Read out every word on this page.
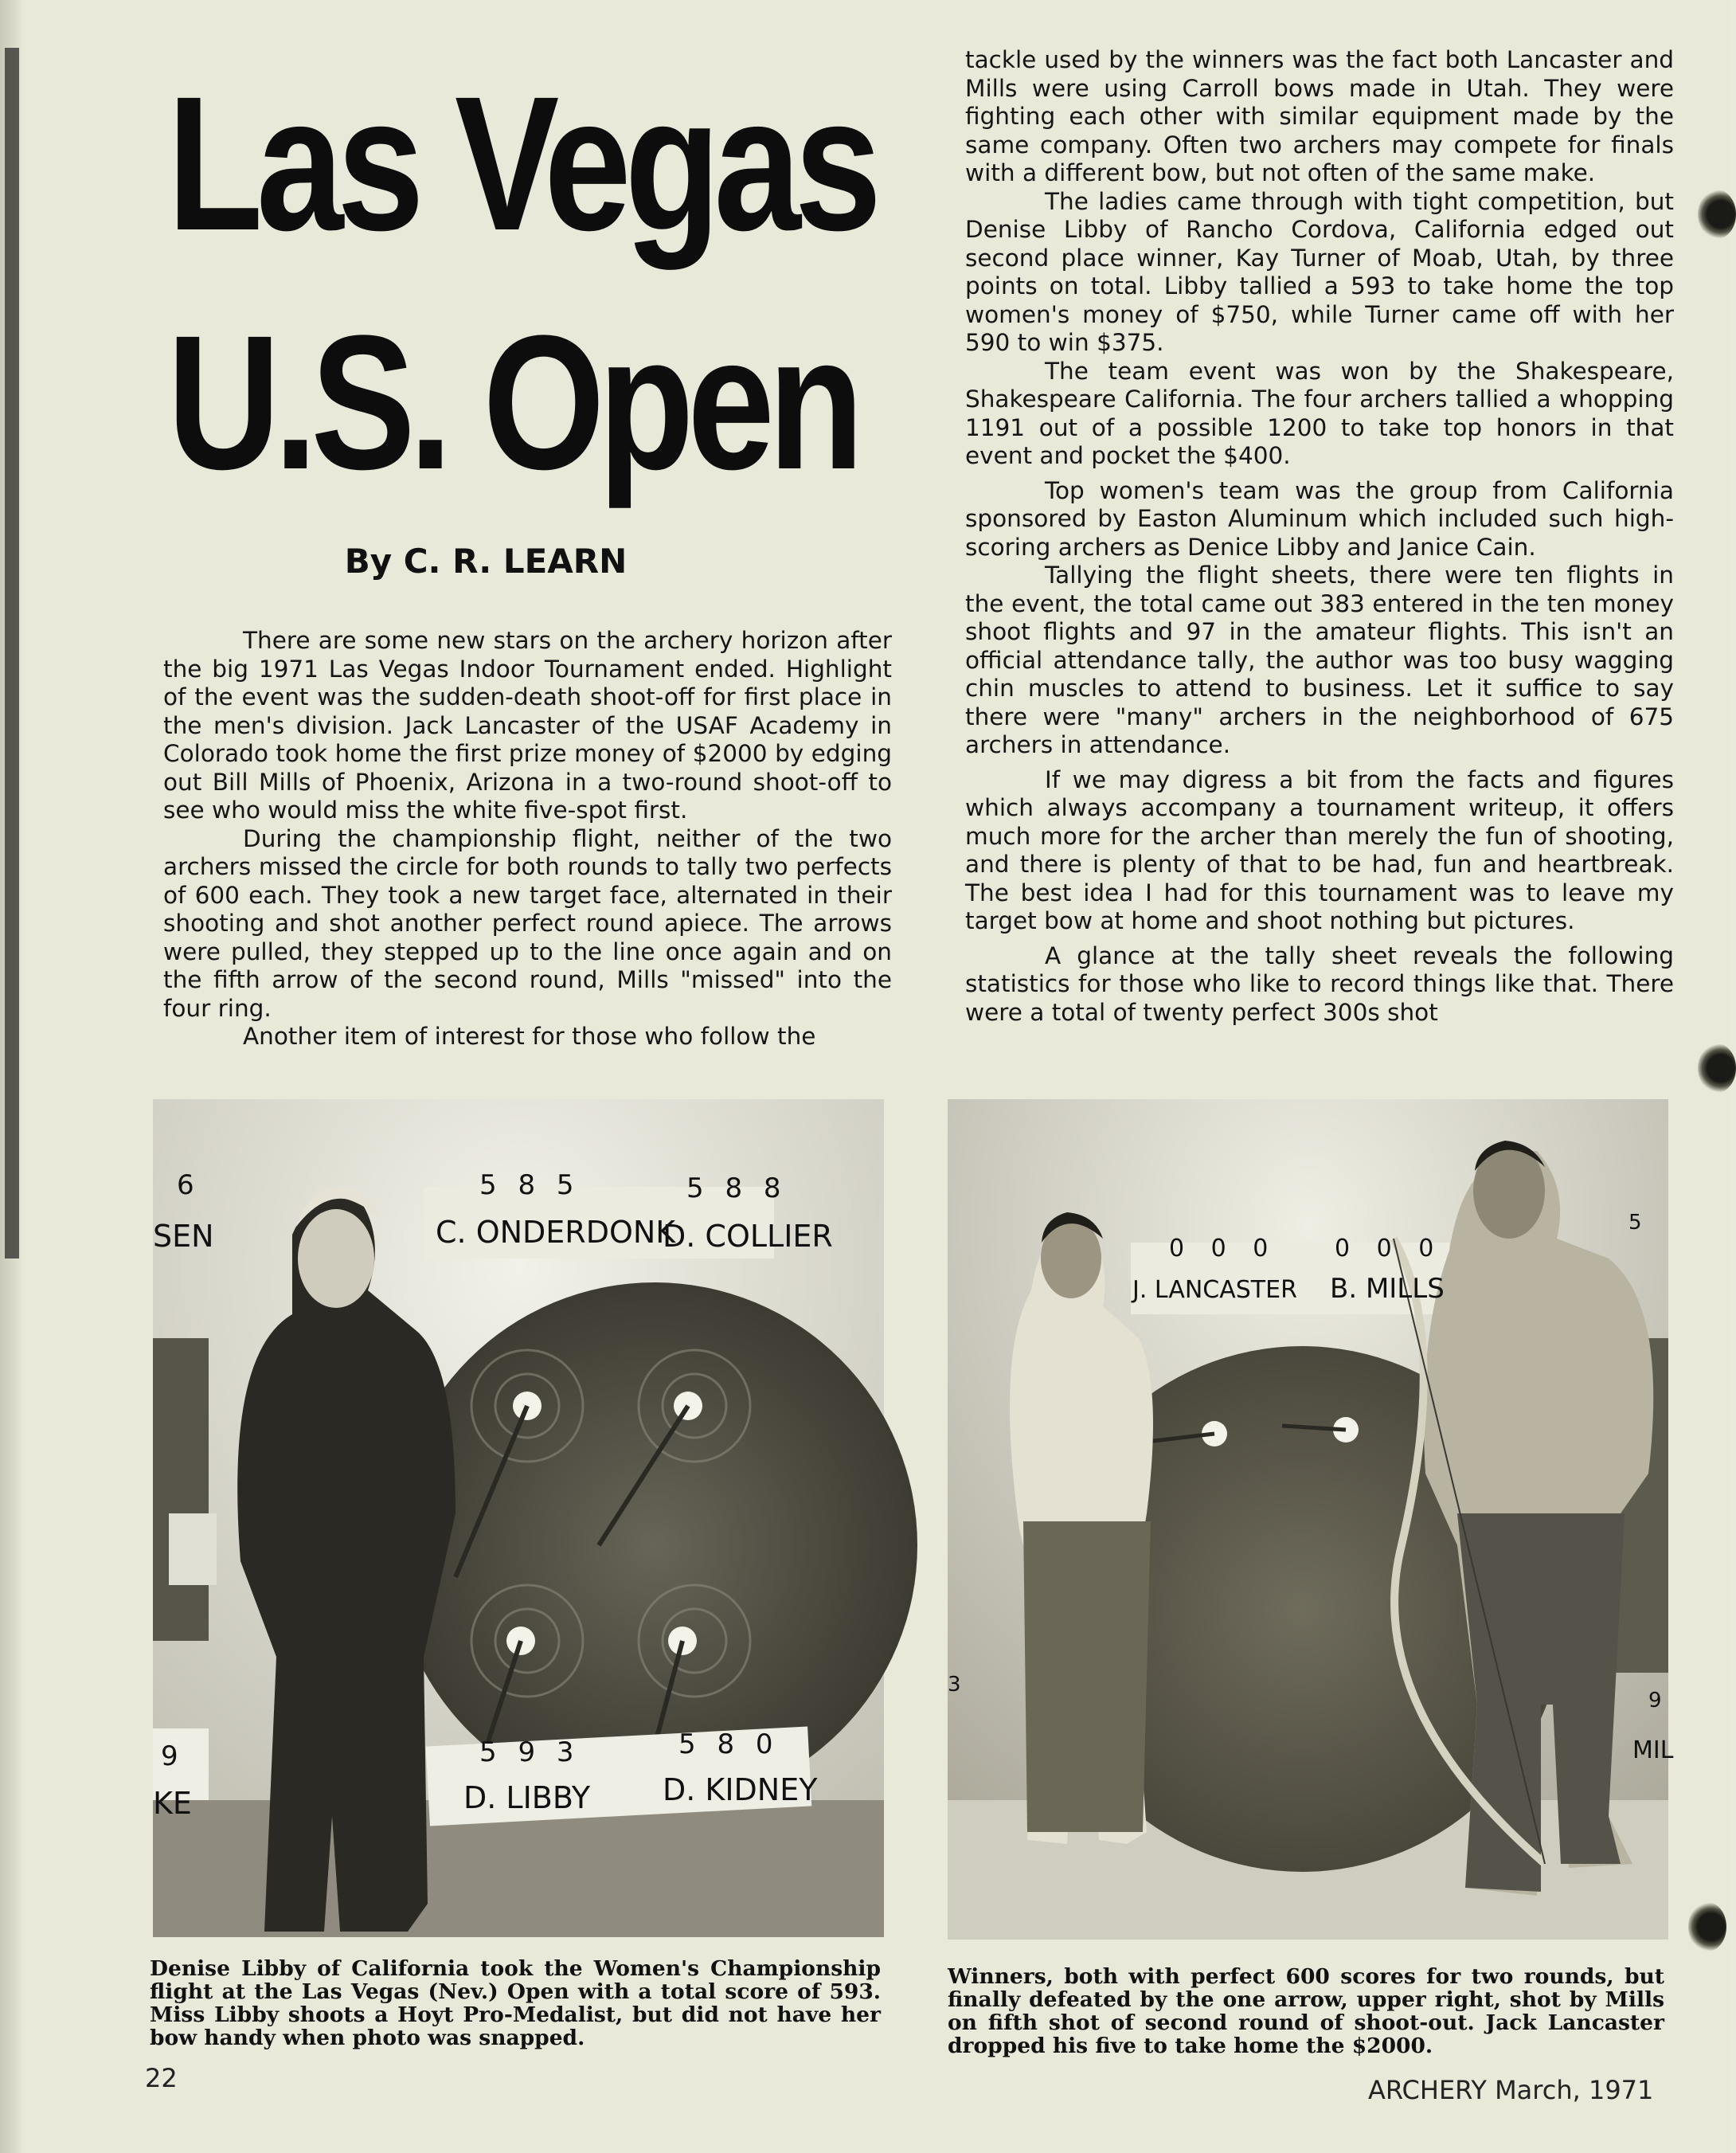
Las Vegas
U.S. Open
By C. R. LEARN

There are some new stars on the archery horizon after the big 1971 Las Vegas Indoor Tournament ended. Highlight of the event was the sudden-death shoot-off for first place in the men's division. Jack Lancaster of the USAF Academy in Colorado took home the first prize money of $2000 by edging out Bill Mills of Phoenix, Arizona in a two-round shoot-off to see who would miss the white five-spot first.

During the championship flight, neither of the two archers missed the circle for both rounds to tally two perfects of 600 each. They took a new target face, alternated in their shooting and shot another perfect round apiece. The arrows were pulled, they stepped up to the line once again and on the fifth arrow of the second round, Mills "missed" into the four ring.

Another item of interest for those who follow the

tackle used by the winners was the fact both Lancaster and Mills were using Carroll bows made in Utah. They were fighting each other with similar equipment made by the same company. Often two archers may compete for finals with a different bow, but not often of the same make.

The ladies came through with tight competition, but Denise Libby of Rancho Cordova, California edged out second place winner, Kay Turner of Moab, Utah, by three points on total. Libby tallied a 593 to take home the top women's money of $750, while Turner came off with her 590 to win $375.

The team event was won by the Shakespeare, Shakespeare California. The four archers tallied a whopping 1191 out of a possible 1200 to take top honors in that event and pocket the $400.

Top women's team was the group from California sponsored by Easton Aluminum which included such high-scoring archers as Denice Libby and Janice Cain.

Tallying the flight sheets, there were ten flights in the event, the total came out 383 entered in the ten money shoot flights and 97 in the amateur flights. This isn't an official attendance tally, the author was too busy wagging chin muscles to attend to business. Let it suffice to say there were "many" archers in the neighborhood of 675 archers in attendance.

If we may digress a bit from the facts and figures which always accompany a tournament writeup, it offers much more for the archer than merely the fun of shooting, and there is plenty of that to be had, fun and heartbreak. The best idea I had for this tournament was to leave my target bow at home and shoot nothing but pictures.

A glance at the tally sheet reveals the following statistics for those who like to record things like that. There were a total of twenty perfect 300s shot

5 8 5	5 8 8
C. ONDERDONK
D. COLLIER
6
SEN
5 9 3	5 8 0
D. LIBBY D. KIDNEY
9
KE
0 0 0 0 0 0
J. LANCASTER B. MILLS
5
3
9
MIL
Denise Libby of California took the Women's Championship flight at the Las Vegas (Nev.) Open with a total score of 593. Miss Libby shoots a Hoyt Pro-Medalist, but did not have her bow handy when photo was snapped.
Winners, both with perfect 600 scores for two rounds, but finally defeated by the one arrow, upper right, shot by Mills on fifth shot of second round of shoot-out. Jack Lancaster dropped his five to take home the $2000.
22	ARCHERY March, 1971
